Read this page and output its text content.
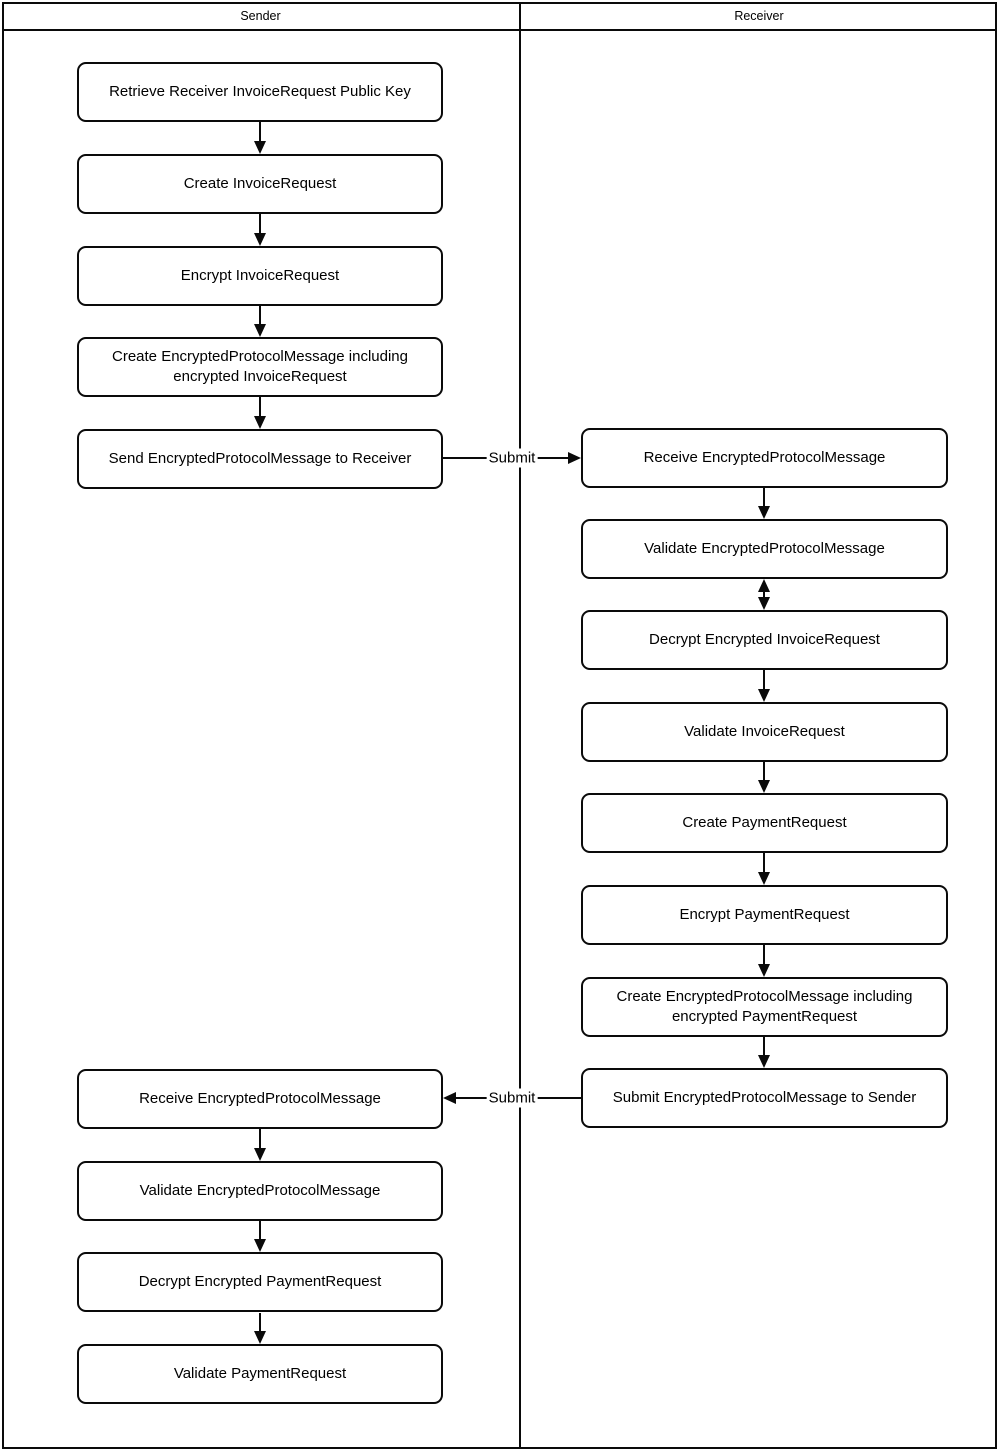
Sender	Receiver
Retrieve Receiver InvoiceRequest Public Key
Create InvoiceRequest
Encrypt InvoiceRequest
Create EncryptedProtocolMessage including encrypted InvoiceRequest
Send EncryptedProtocolMessage to Receiver
Receive EncryptedProtocolMessage
Validate EncryptedProtocolMessage
Decrypt Encrypted PaymentRequest
Validate PaymentRequest
Receive EncryptedProtocolMessage
Validate EncryptedProtocolMessage
Decrypt Encrypted InvoiceRequest
Validate InvoiceRequest
Create PaymentRequest
Encrypt PaymentRequest
Create EncryptedProtocolMessage including encrypted PaymentRequest
Submit EncryptedProtocolMessage to Sender
Submit
Submit
